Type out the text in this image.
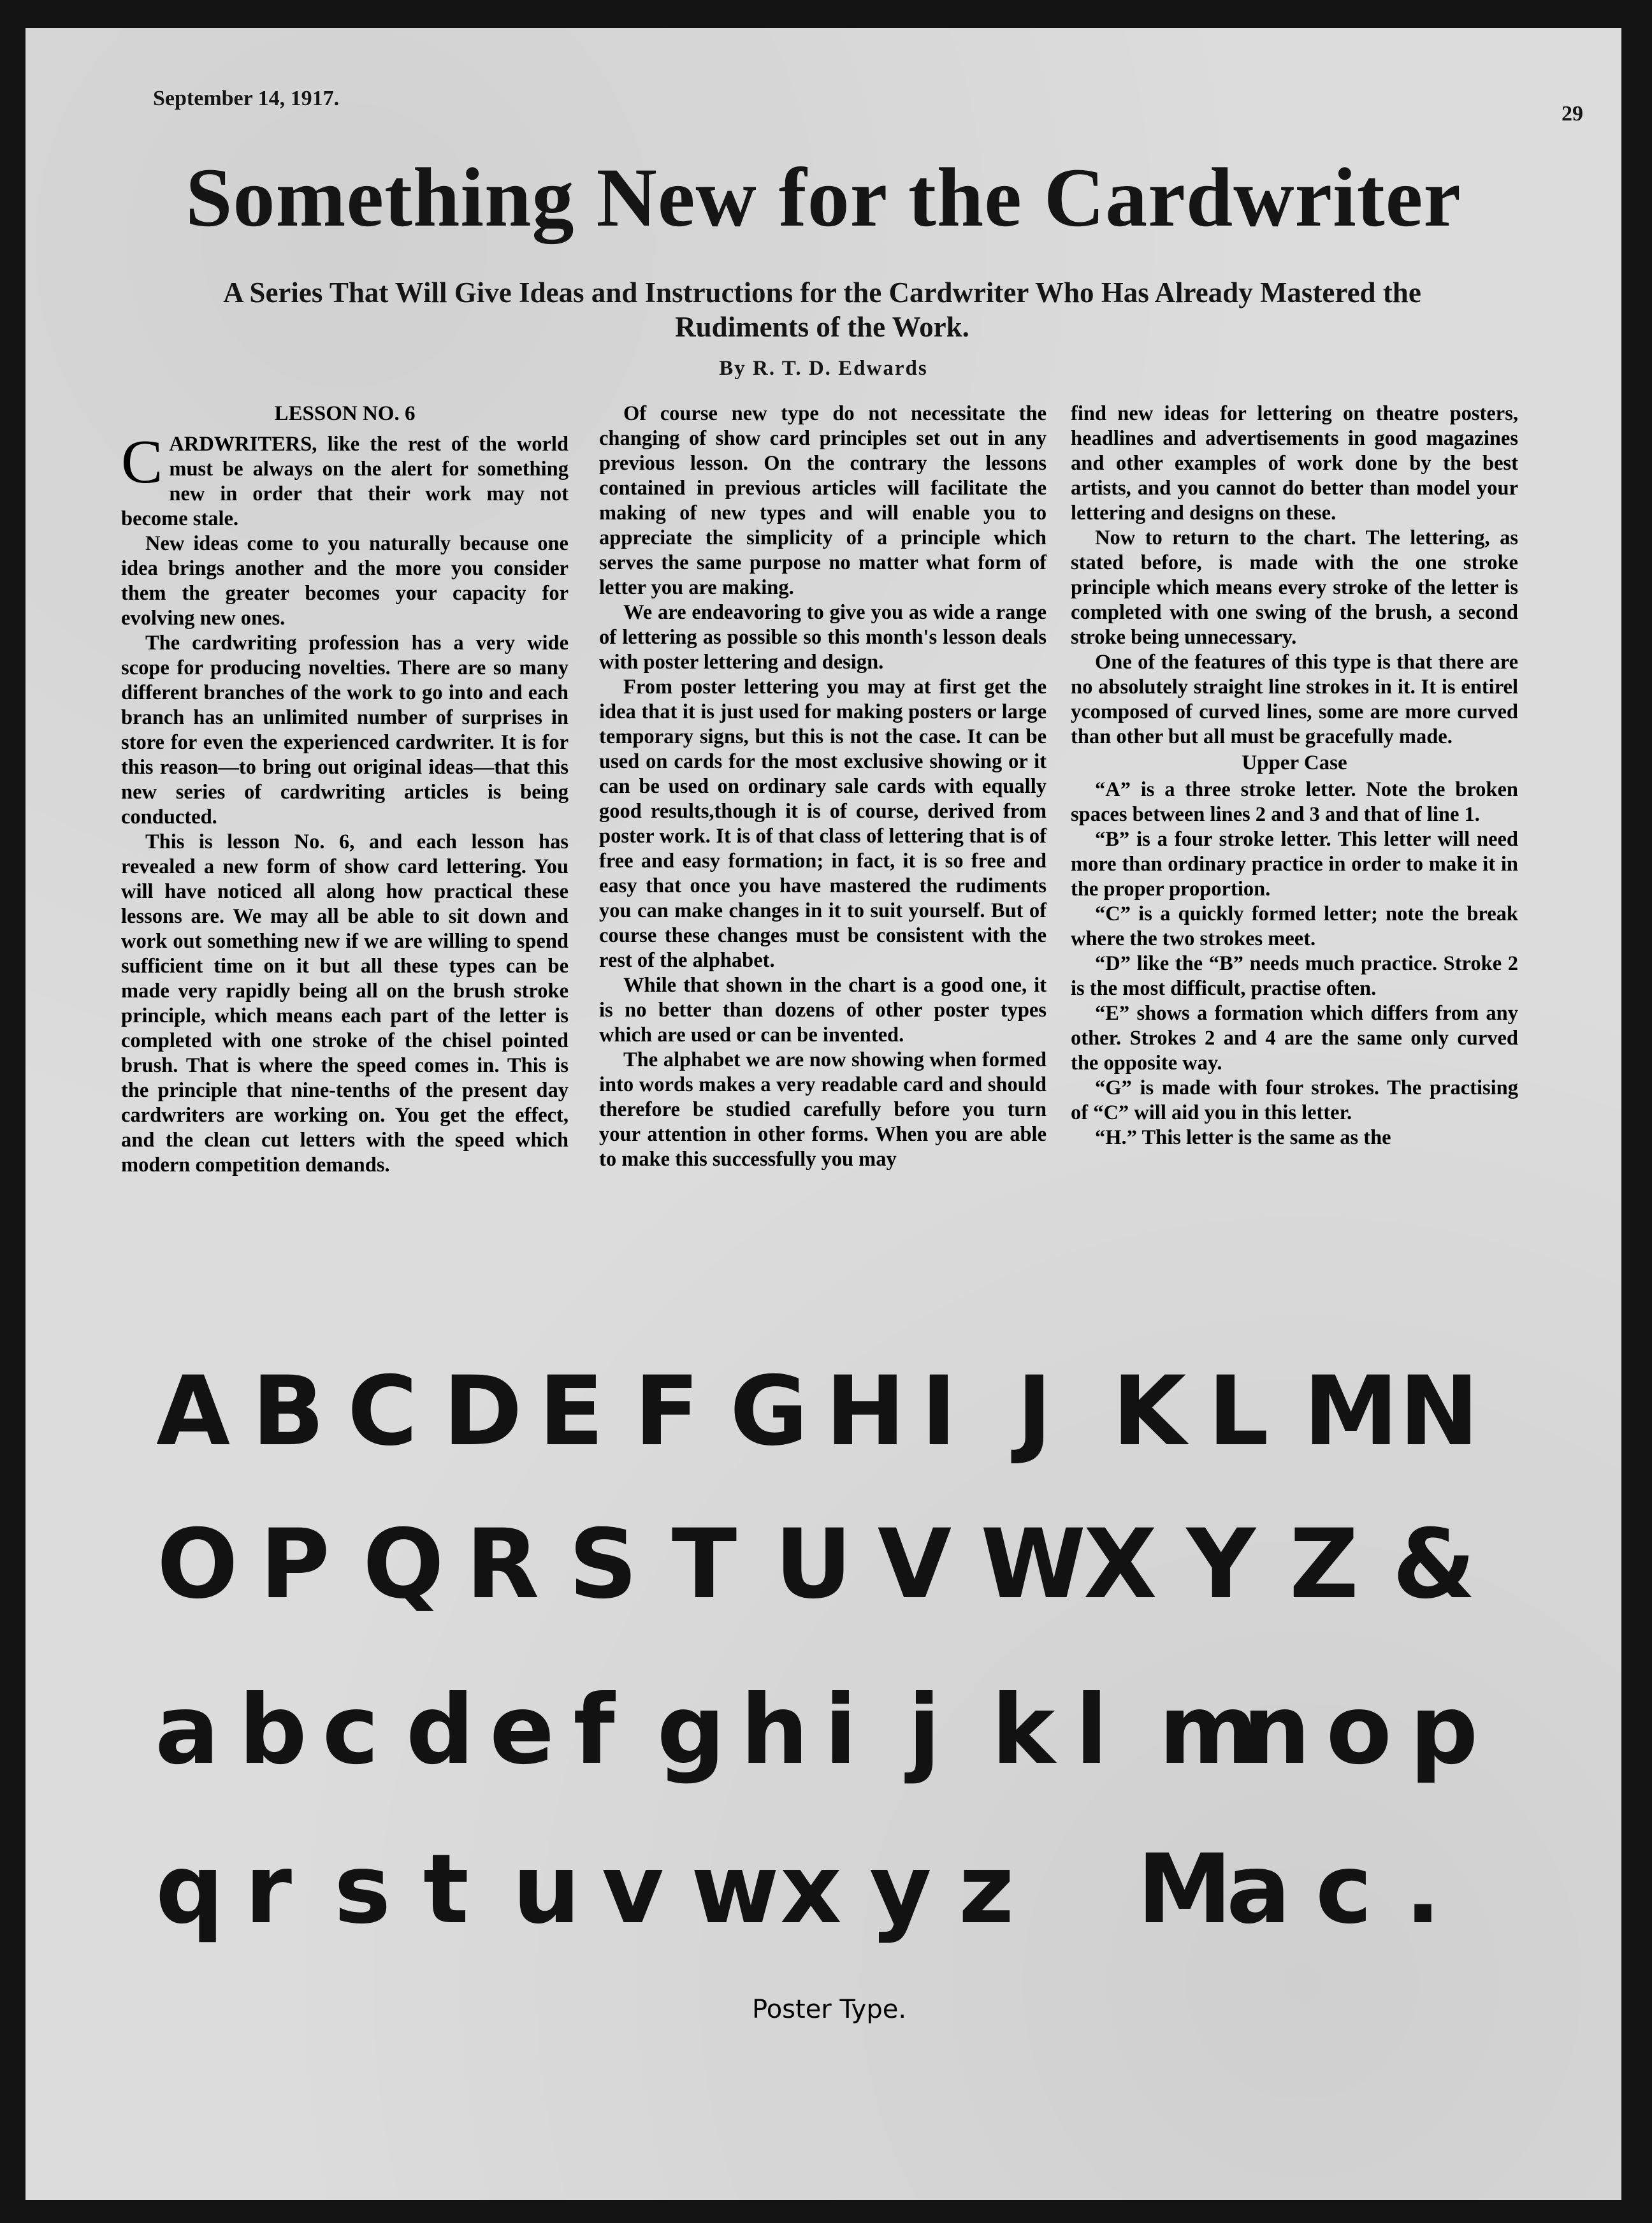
September 14, 1917.
29
Something New for the Cardwriter
A Series That Will Give Ideas and Instructions for the Cardwriter Who Has Already Mastered the Rudiments of the Work.
By R. T. D. Edwards
LESSON NO. 6

CARDWRITERS, like the rest of the world must be always on the alert for something new in order that their work may not become stale.

New ideas come to you naturally because one idea brings another and the more you consider them the greater becomes your capacity for evolving new ones.

The cardwriting profession has a very wide scope for producing novelties. There are so many different branches of the work to go into and each branch has an unlimited number of surprises in store for even the experienced cardwriter. It is for this reason—to bring out original ideas—that this new series of cardwriting articles is being conducted.

This is lesson No. 6, and each lesson has revealed a new form of show card lettering. You will have noticed all along how practical these lessons are. We may all be able to sit down and work out something new if we are willing to spend sufficient time on it but all these types can be made very rapidly being all on the brush stroke principle, which means each part of the letter is completed with one stroke of the chisel pointed brush. That is where the speed comes in. This is the principle that nine-tenths of the present day cardwriters are working on. You get the effect, and the clean cut letters with the speed which modern competition demands.

Of course new type do not necessitate the changing of show card principles set out in any previous lesson. On the contrary the lessons contained in previous articles will facilitate the making of new types and will enable you to appreciate the simplicity of a principle which serves the same purpose no matter what form of letter you are making.

We are endeavoring to give you as wide a range of lettering as possible so this month's lesson deals with poster lettering and design.

From poster lettering you may at first get the idea that it is just used for making posters or large temporary signs, but this is not the case. It can be used on cards for the most exclusive showing or it can be used on ordinary sale cards with equally good results,though it is of course, derived from poster work. It is of that class of lettering that is of free and easy formation; in fact, it is so free and easy that once you have mastered the rudiments you can make changes in it to suit yourself. But of course these changes must be consistent with the rest of the alphabet.

While that shown in the chart is a good one, it is no better than dozens of other poster types which are used or can be invented.

The alphabet we are now showing when formed into words makes a very readable card and should therefore be studied carefully before you turn your attention in other forms. When you are able to make this successfully you may

find new ideas for lettering on theatre posters, headlines and advertisements in good magazines and other examples of work done by the best artists, and you cannot do better than model your lettering and designs on these.

Now to return to the chart. The lettering, as stated before, is made with the one stroke principle which means every stroke of the letter is completed with one swing of the brush, a second stroke being unnecessary.

One of the features of this type is that there are no absolutely straight line strokes in it. It is entirel ycomposed of curved lines, some are more curved than other but all must be gracefully made.

Upper Case

“A” is a three stroke letter. Note the broken spaces between lines 2 and 3 and that of line 1.

“B” is a four stroke letter. This letter will need more than ordinary practice in order to make it in the proper proportion.

“C” is a quickly formed letter; note the break where the two strokes meet.

“D” like the “B” needs much practice. Stroke 2 is the most difficult, practise often.

“E” shows a formation which differs from any other. Strokes 2 and 4 are the same only curved the opposite way.

“G” is made with four strokes. The practising of “C” will aid you in this letter.

“H.” This letter is the same as the

A B C D E F G H I J K L M N
O P Q R S T U V W
X Y Z &
a b c d e f g h i j k l m
n o p
q r s t u v w x y z M
a c .
Poster Type.
